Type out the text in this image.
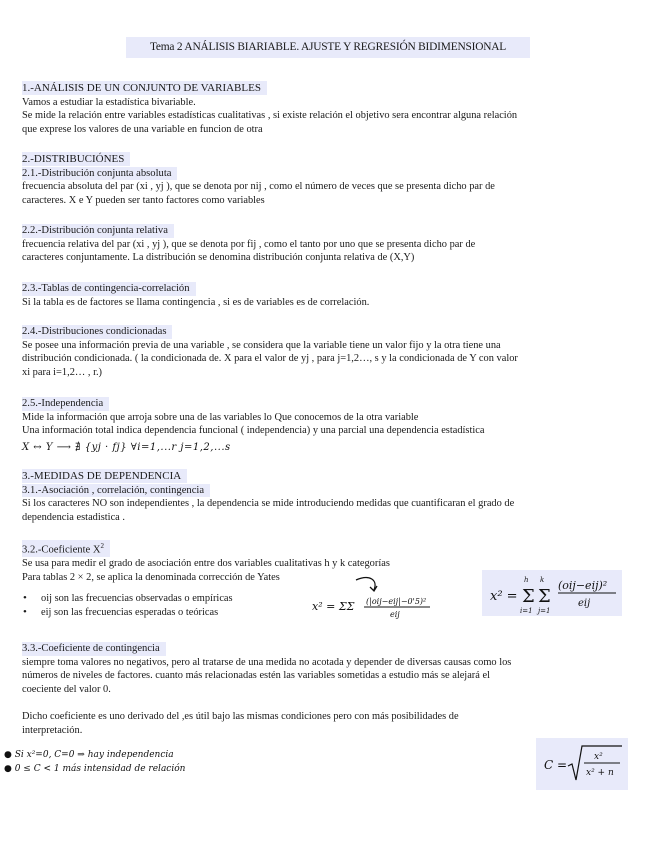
Tema 2 ANÁLISIS BIARIABLE. AJUSTE Y REGRESIÓN BIDIMENSIONAL
1.-ANÁLISIS DE UN CONJUNTO DE VARIABLES

Vamos a estudiar la estadística bivariable.

Se mide la relación entre variables estadísticas cualitativas , si existe relación el objetivo sera encontrar alguna relación

que exprese los valores de una variable en funcion de otra

2.-DISTRIBUCIÓNES
2.1.-Distribución conjunta absoluta

frecuencia absoluta del par (xi , yj ), que se denota por nij , como el número de veces que se presenta dicho par de

caracteres. X e Y pueden ser tanto factores como variables

2.2.-Distribución conjunta relativa

frecuencia relativa del par (xi , yj ), que se denota por fij , como el tanto por uno que se presenta dicho par de

caracteres conjuntamente. La distribución se denomina distribución conjunta relativa de (X,Y)

2.3.-Tablas de contingencia-correlación

Si la tabla es de factores se llama contingencia , si es de variables es de correlación.

2.4.-Distribuciones condicionadas

Se posee una información previa de una variable , se considera que la variable tiene un valor fijo y la otra tiene una

distribución condicionada. ( la condicionada de. X para el valor de yj , para j=1,2…, s y la condicionada de Y con valor

xi para i=1,2… , r.)

2.5.-Independencia

Mide la información que arroja sobre una de las variables lo Que conocemos de la otra variable

Una información total indica dependencia funcional ( independencia) y una parcial una dependencia estadística

X ↔ Y ⟶ ∄ {yj · fj} ∀i=1,...r j=1,2,...s

3.-MEDIDAS DE DEPENDENCIA
3.1.-Asociación , correlación, contingencia

Si los caracteres NO son independientes , la dependencia se mide introduciendo medidas que cuantificaran el grado de

dependencia estadistica .

3.2.-Coeficiente $X^2$

Se usa para medir el grado de asociación entre dos variables cualitativas h y k categorías

Para tablas 2 × 2, se aplica la denominada corrección de Yates

• oij son las frecuencias observadas o empíricas
• eij son las frecuencias esperadas o teóricas	x² = ΣΣ (|oij−eij|−0'5)²
eij
x² = Σ Σ
h k
i=1 j=1
(oij−eij)²
eij
3.3.-Coeficiente de contingencia

siempre toma valores no negativos, pero al tratarse de una medida no acotada y depender de diversas causas como los

números de niveles de factores. cuanto más relacionadas estén las variables sometidas a estudio más se alejará el

coeciente del valor 0.

Dicho coeficiente es uno derivado del ,es útil bajo las mismas condiciones pero con más posibilidades de

interpretación.

● Si x²=0, C=0 ⇒ hay independencia

● 0 ≤ C < 1 más intensidad de relación	C =
x²
x² + n
